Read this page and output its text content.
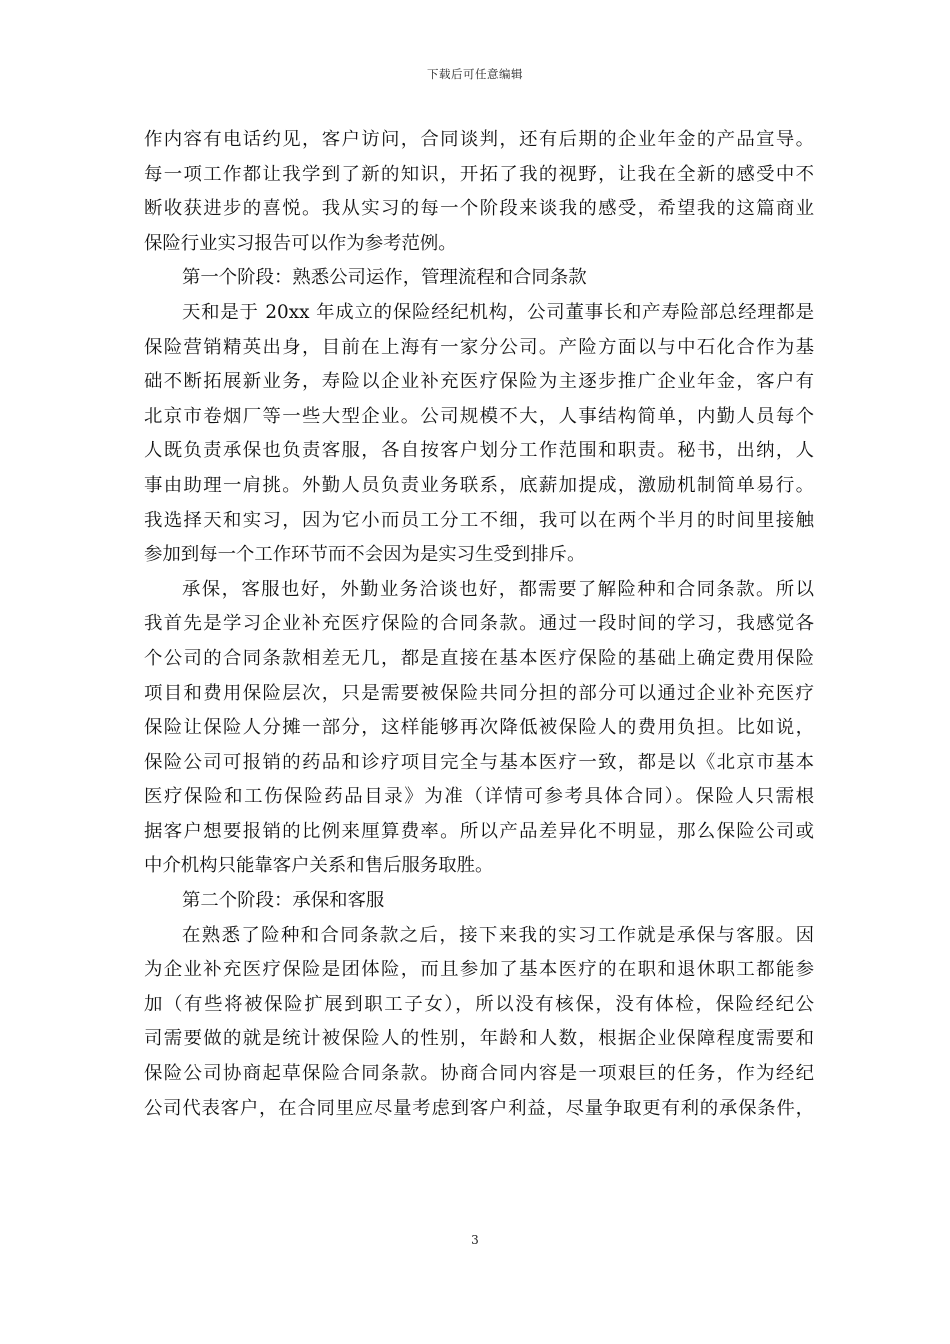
下载后可任意编辑
作内容有电话约见，客户访问，合同谈判，还有后期的企业年金的产品宣导。
每一项工作都让我学到了新的知识，开拓了我的视野，让我在全新的感受中不
断收获进步的喜悦。我从实习的每一个阶段来谈我的感受，希望我的这篇商业
保险行业实习报告可以作为参考范例。
第一个阶段：熟悉公司运作，管理流程和合同条款
天和是于 20xx 年成立的保险经纪机构，公司董事长和产寿险部总经理都是
保险营销精英出身，目前在上海有一家分公司。产险方面以与中石化合作为基
础不断拓展新业务，寿险以企业补充医疗保险为主逐步推广企业年金，客户有
北京市卷烟厂等一些大型企业。公司规模不大，人事结构简单，内勤人员每个
人既负责承保也负责客服，各自按客户划分工作范围和职责。秘书，出纳，人
事由助理一肩挑。外勤人员负责业务联系，底薪加提成，激励机制简单易行。
我选择天和实习，因为它小而员工分工不细，我可以在两个半月的时间里接触
参加到每一个工作环节而不会因为是实习生受到排斥。
承保，客服也好，外勤业务洽谈也好，都需要了解险种和合同条款。所以
我首先是学习企业补充医疗保险的合同条款。通过一段时间的学习，我感觉各
个公司的合同条款相差无几，都是直接在基本医疗保险的基础上确定费用保险
项目和费用保险层次，只是需要被保险共同分担的部分可以通过企业补充医疗
保险让保险人分摊一部分，这样能够再次降低被保险人的费用负担。比如说，
保险公司可报销的药品和诊疗项目完全与基本医疗一致，都是以《北京市基本
医疗保险和工伤保险药品目录》为准（详情可参考具体合同）。保险人只需根
据客户想要报销的比例来厘算费率。所以产品差异化不明显，那么保险公司或
中介机构只能靠客户关系和售后服务取胜。
第二个阶段：承保和客服
在熟悉了险种和合同条款之后，接下来我的实习工作就是承保与客服。因
为企业补充医疗保险是团体险，而且参加了基本医疗的在职和退休职工都能参
加（有些将被保险扩展到职工子女），所以没有核保，没有体检，保险经纪公
司需要做的就是统计被保险人的性别，年龄和人数，根据企业保障程度需要和
保险公司协商起草保险合同条款。协商合同内容是一项艰巨的任务，作为经纪
公司代表客户，在合同里应尽量考虑到客户利益，尽量争取更有利的承保条件，
3
